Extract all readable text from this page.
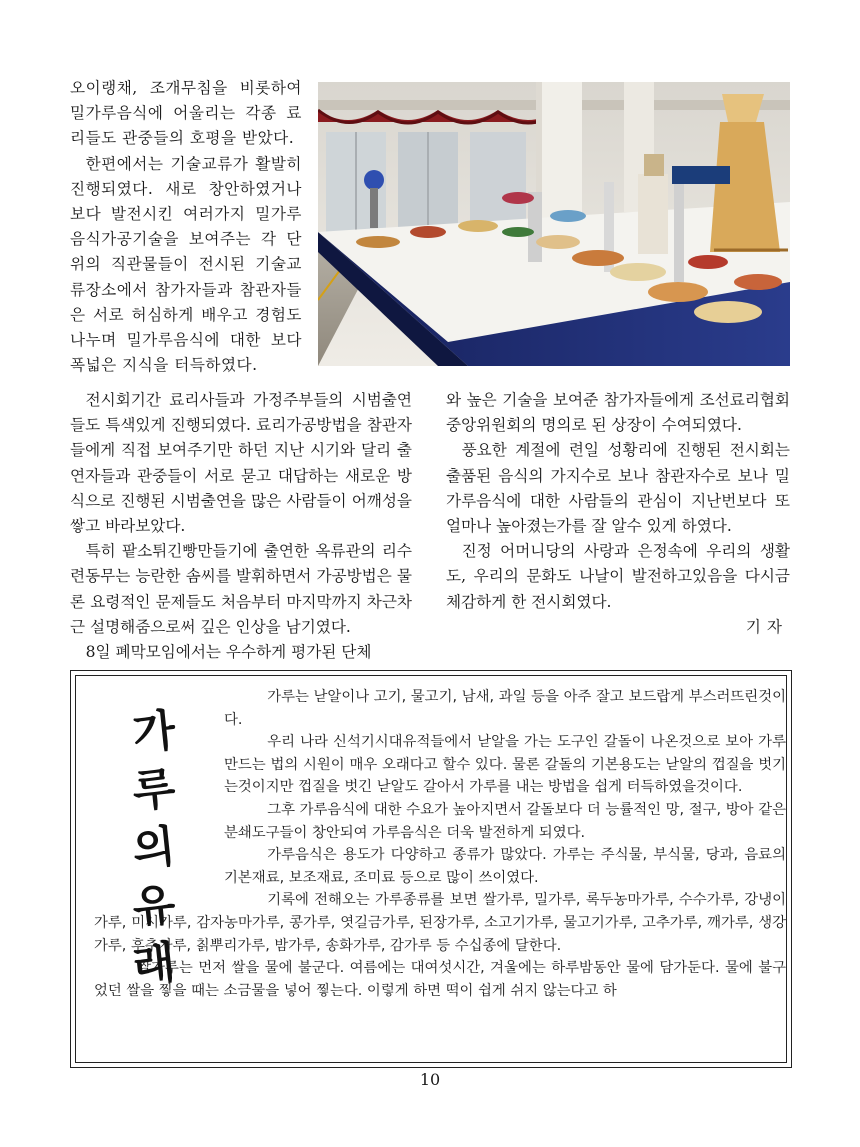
오이랭채, 조개무침을 비롯하여 밀가루음식에 어울리는 각종 료리들도 관중들의 호평을 받았다.

한편에서는 기술교류가 활발히 진행되였다. 새로 창안하였거나 보다 발전시킨 여러가지 밀가루음식가공기술을 보여주는 각 단위의 직관물들이 전시된 기술교류장소에서 참가자들과 참관자들은 서로 허심하게 배우고 경험도 나누며 밀가루음식에 대한 보다 폭넓은 지식을 터득하였다.

전시회기간 료리사들과 가정주부들의 시범출연들도 특색있게 진행되였다. 료리가공방법을 참관자들에게 직접 보여주기만 하던 지난 시기와 달리 출연자들과 관중들이 서로 묻고 대답하는 새로운 방식으로 진행된 시범출연을 많은 사람들이 어깨성을 쌓고 바라보았다.

특히 팥소튀긴빵만들기에 출연한 옥류관의 리수련동무는 능란한 솜씨를 발휘하면서 가공방법은 물론 요령적인 문제들도 처음부터 마지막까지 차근차근 설명해줌으로써 깊은 인상을 남기였다.

8일 폐막모임에서는 우수하게 평가된 단체

와 높은 기술을 보여준 참가자들에게 조선료리협회 중앙위원회의 명의로 된 상장이 수여되였다.

풍요한 계절에 련일 성황리에 진행된 전시회는 출품된 음식의 가지수로 보나 참관자수로 보나 밀가루음식에 대한 사람들의 관심이 지난번보다 또 얼마나 높아졌는가를 잘 알수 있게 하였다.

진정 어머니당의 사랑과 은정속에 우리의 생활도, 우리의 문화도 나날이 발전하고있음을 다시금 체감하게 한 전시회였다.

기자

가루는 낟알이나 고기, 물고기, 남새, 과일 등을 아주 잘고 보드랍게 부스러뜨린것이다.

우리 나라 신석기시대유적들에서 낟알을 가는 도구인 갈돌이 나온것으로 보아 가루만드는 법의 시원이 매우 오래다고 할수 있다. 물론 갈돌의 기본용도는 낟알의 껍질을 벗기는것이지만 껍질을 벗긴 낟알도 갈아서 가루를 내는 방법을 쉽게 터득하였을것이다.

그후 가루음식에 대한 수요가 높아지면서 갈돌보다 더 능률적인 망, 절구, 방아 같은 분쇄도구들이 창안되여 가루음식은 더욱 발전하게 되였다.

가루음식은 용도가 다양하고 종류가 많았다. 가루는 주식물, 부식물, 당과, 음료의 기본재료, 보조재료, 조미료 등으로 많이 쓰이였다.

기록에 전해오는 가루종류를 보면 쌀가루, 밀가루, 록두농마가루, 수수가루, 강냉이가루, 미시가루, 감자농마가루, 콩가루, 엿길금가루, 된장가루, 소고기가루, 물고기가루, 고추가루, 깨가루, 생강가루, 후추가루, 칡뿌리가루, 밤가루, 송화가루, 감가루 등 수십종에 달한다.

쌀가루는 먼저 쌀을 물에 불군다. 여름에는 대여섯시간, 겨울에는 하루밤동안 물에 담가둔다. 물에 불구었던 쌀을 찧을 때는 소금물을 넣어 찧는다. 이렇게 하면 떡이 쉽게 쉬지 않는다고 하

가
루
의
유
래
10
